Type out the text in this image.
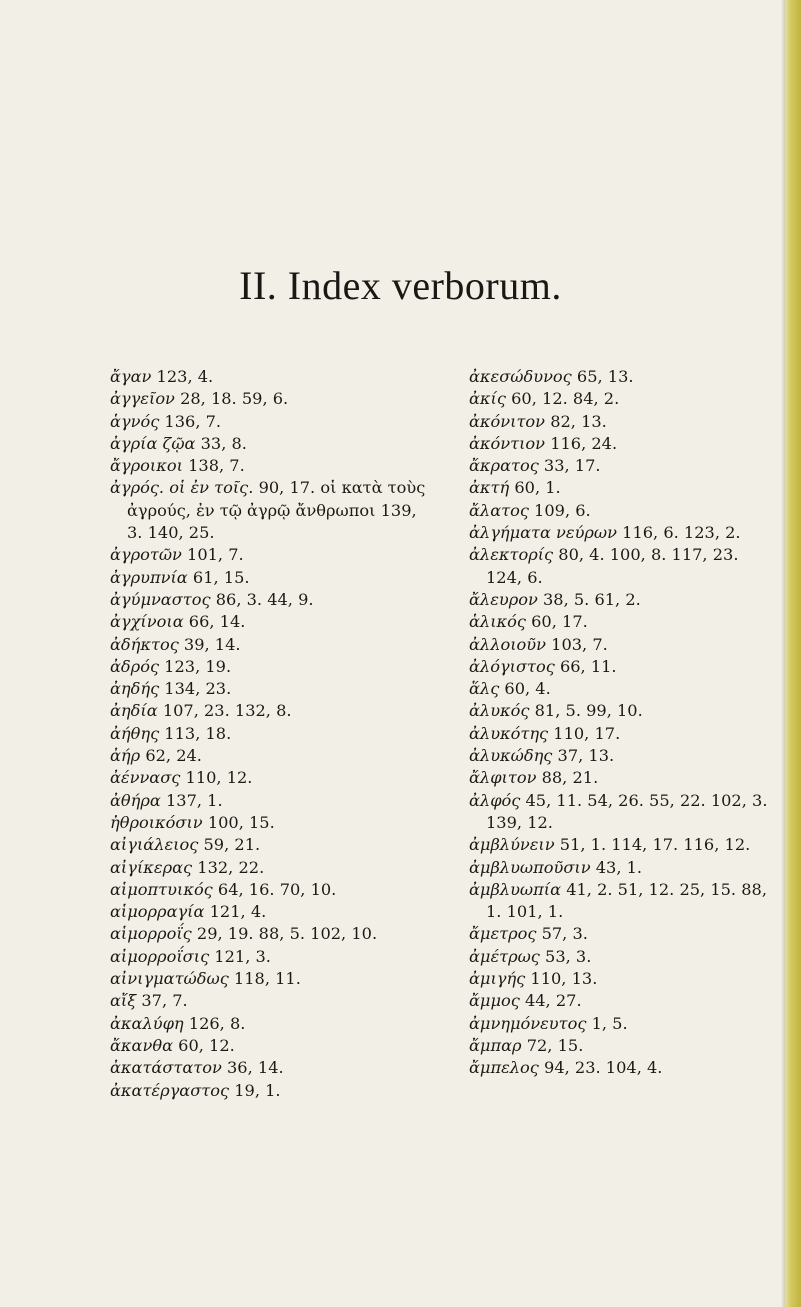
II. Index verborum.

ἄγαν 123, 4.

ἀγγεῖον 28, 18. 59, 6.

ἁγνός 136, 7.

ἀγρία ζῷα 33, 8.

ἄγροικοι 138, 7.

ἀγρός. οἱ ἐν τοῖς. 90, 17. οἱ κατὰ τοὺς ἀγρούς, ἐν τῷ ἀγρῷ ἄνθρωποι 139, 3. 140, 25.

ἀγροτῶν 101, 7.

ἀγρυπνία 61, 15.

ἀγύμναστος 86, 3. 44, 9.

ἀγχίνοια 66, 14.

ἀδήκτος 39, 14.

ἀδρός 123, 19.

ἀηδής 134, 23.

ἀηδία 107, 23. 132, 8.

ἀήθης 113, 18.

ἀήρ 62, 24.

ἀέννασς 110, 12.

ἀθήρα 137, 1.

ἠθροικόσιν 100, 15.

αἰγιάλειος 59, 21.

αἰγίκερας 132, 22.

αἱμοπτυικός 64, 16. 70, 10.

αἱμορραγία 121, 4.

αἱμορροΐς 29, 19. 88, 5. 102, 10.

αἱμορροΐσις 121, 3.

αἰνιγματώδως 118, 11.

αἴξ 37, 7.

ἀκαλύφη 126, 8.

ἄκανθα 60, 12.

ἀκατάστατον 36, 14.

ἀκατέργαστος 19, 1.

ἀκεσώδυνος 65, 13.

ἀκίς 60, 12. 84, 2.

ἀκόνιτον 82, 13.

ἀκόντιον 116, 24.

ἄκρατος 33, 17.

ἀκτή 60, 1.

ἄλατος 109, 6.

ἀλγήματα νεύρων 116, 6. 123, 2.

ἀλεκτορίς 80, 4. 100, 8. 117, 23. 124, 6.

ἄλευρον 38, 5. 61, 2.

ἁλικός 60, 17.

ἀλλοιοῦν 103, 7.

ἀλόγιστος 66, 11.

ἅλς 60, 4.

ἀλυκός 81, 5. 99, 10.

ἀλυκότης 110, 17.

ἀλυκώδης 37, 13.

ἄλφιτον 88, 21.

ἀλφός 45, 11. 54, 26. 55, 22. 102, 3. 139, 12.

ἀμβλύνειν 51, 1. 114, 17. 116, 12.

ἀμβλυωποῦσιν 43, 1.

ἀμβλυωπία 41, 2. 51, 12. 25, 15. 88, 1. 101, 1.

ἄμετρος 57, 3.

ἀμέτρως 53, 3.

ἀμιγής 110, 13.

ἄμμος 44, 27.

ἀμνημόνευτος 1, 5.

ἄμπαρ 72, 15.

ἄμπελος 94, 23. 104, 4.
